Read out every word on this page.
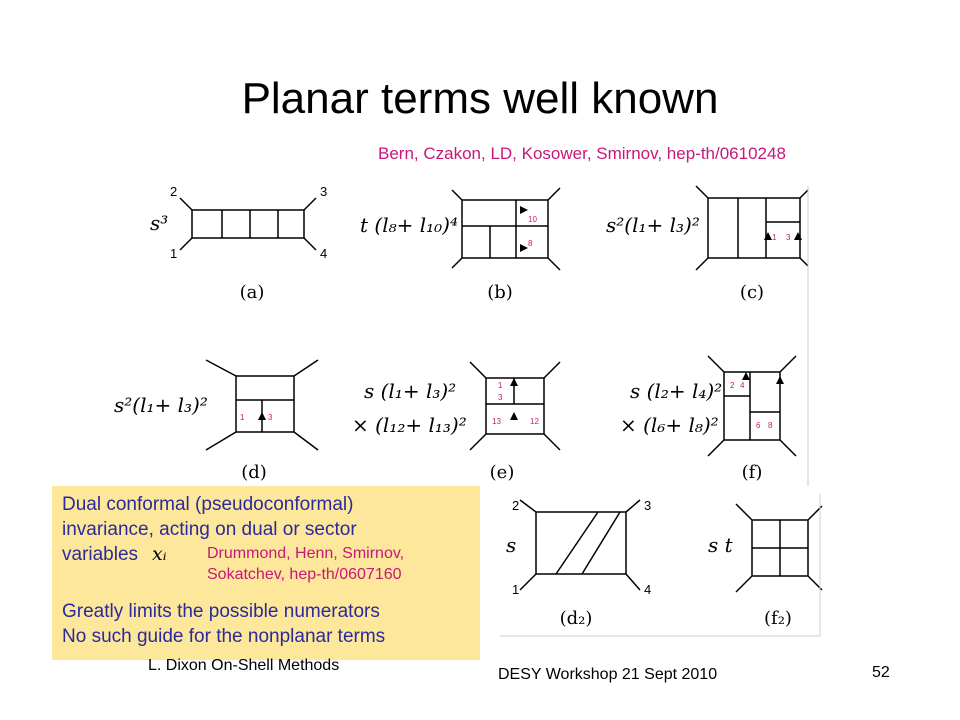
Planar terms well known
Bern, Czakon, LD, Kosower, Smirnov, hep-th/0610248
s³	t (l₈+ l₁₀)⁴	s²(l₁+ l₃)²
s²(l₁+ l₃)²
s (l₁+ l₃)²
× (l₁₂+ l₁₃)²
s (l₂+ l₄)²
× (l₆+ l₈)²
s	s t
2
1
3
4
2
1
3
4
10
8
1 3
1	3
1
3
13	12
2 4
6 8
(a)	(b)	(c)
(d)	(e)	(f)
(d₂)	(f₂)
Dual conformal (pseudoconformal)
invariance, acting on dual or sector
variables xᵢ	Drummond, Henn, Smirnov,
Sokatchev, hep-th/0607160
Greatly limits the possible numerators
No such guide for the nonplanar terms
L. Dixon On-Shell Methods
DESY Workshop 21 Sept 2010	52
